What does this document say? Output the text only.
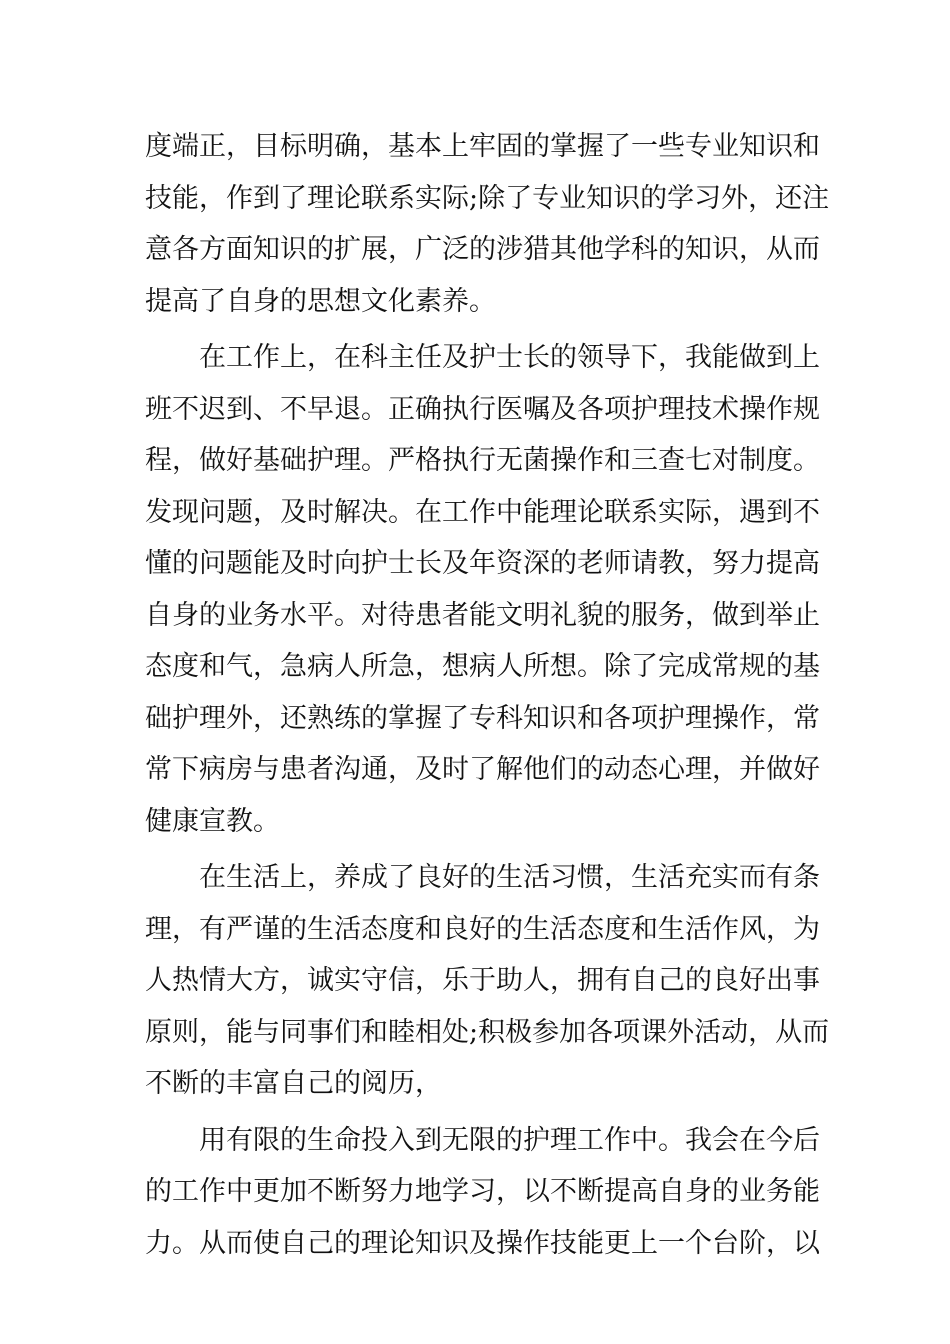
度端正，目标明确，基本上牢固的掌握了一些专业知识和
技能，作到了理论联系实际;除了专业知识的学习外，还注
意各方面知识的扩展，广泛的涉猎其他学科的知识，从而
提高了自身的思想文化素养。
在工作上，在科主任及护士长的领导下，我能做到上
班不迟到、不早退。正确执行医嘱及各项护理技术操作规
程，做好基础护理。严格执行无菌操作和三查七对制度。
发现问题，及时解决。在工作中能理论联系实际，遇到不
懂的问题能及时向护士长及年资深的老师请教，努力提高
自身的业务水平。对待患者能文明礼貌的服务，做到举止
态度和气，急病人所急，想病人所想。除了完成常规的基
础护理外，还熟练的掌握了专科知识和各项护理操作，常
常下病房与患者沟通，及时了解他们的动态心理，并做好
健康宣教。
在生活上，养成了良好的生活习惯，生活充实而有条
理，有严谨的生活态度和良好的生活态度和生活作风，为
人热情大方，诚实守信，乐于助人，拥有自己的良好出事
原则，能与同事们和睦相处;积极参加各项课外活动，从而
不断的丰富自己的阅历，
用有限的生命投入到无限的护理工作中。我会在今后
的工作中更加不断努力地学习，以不断提高自身的业务能
力。从而使自己的理论知识及操作技能更上一个台阶，以
